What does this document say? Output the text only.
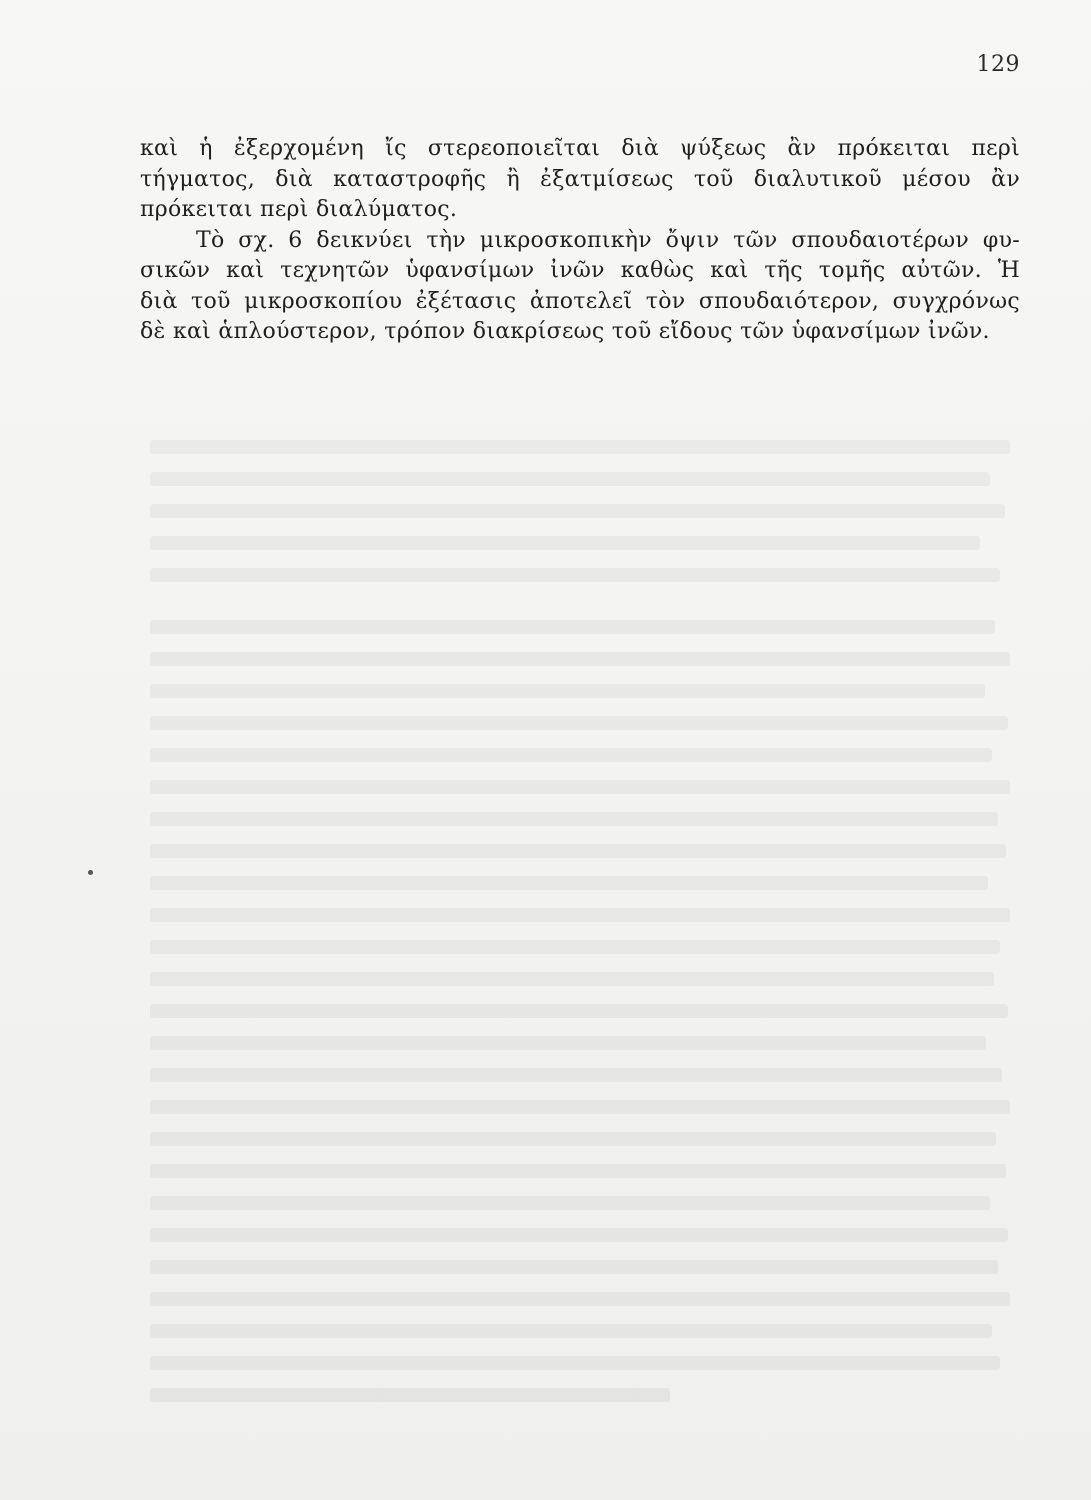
129
καὶ ἡ ἐξερχομένη ἴς στερεοποιεῖται διὰ ψύξεως ἂν πρόκειται περὶ
τήγματος, διὰ καταστροφῆς ἢ ἐξατμίσεως τοῦ διαλυτικοῦ μέσου ἂν
πρόκειται περὶ διαλύματος.
Τὸ σχ. 6 δεικνύει τὴν μικροσκοπικὴν ὄψιν τῶν σπουδαιοτέρων φυ-
σικῶν καὶ τεχνητῶν ὑφανσίμων ἰνῶν καθὼς καὶ τῆς τομῆς αὐτῶν. Ἡ
διὰ τοῦ μικροσκοπίου ἐξέτασις ἀποτελεῖ τὸν σπουδαιότερον, συγχρόνως
δὲ καὶ ἁπλούστερον, τρόπον διακρίσεως τοῦ εἴδους τῶν ὑφανσίμων ἰνῶν.
